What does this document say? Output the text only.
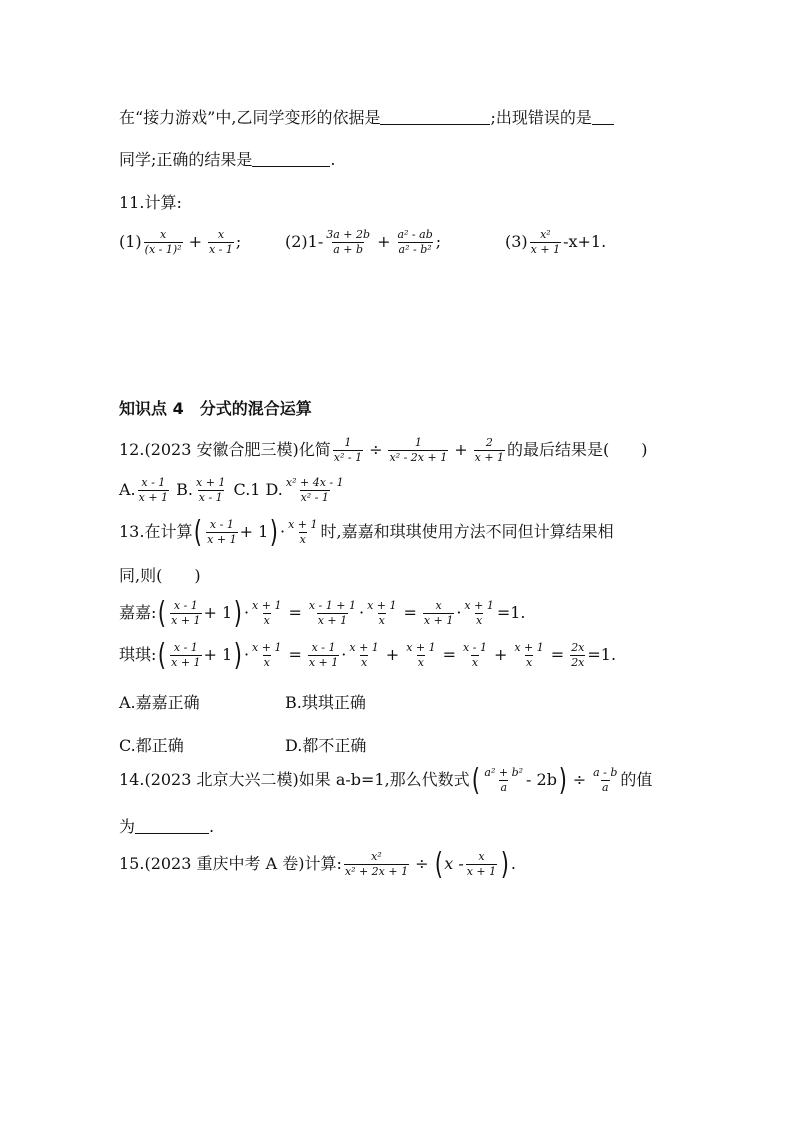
在“接力游戏”中,乙同学变形的依据是	;出现错误的是
同学;正确的结果是	.
11.计算:
$(1) \frac{x}{\text{(x - 1)²}} + \frac{x}{x - 1}$ ;	$(2)1- \frac{3a + 2b}{a + b} + \frac{\text{a² - ab}}{\text{a² - b²}}$ ;	$(3) \frac{\text{x²}}{x + 1} -x+1$.
知识点 4　分式的混合运算
12.(2023 安徽合肥三模)化简 $\frac{1}{\text{x² - 1}} \div \frac{1}{\text{x² - 2x + 1}} + \frac{2}{x + 1}$ 的最后结果是(　　)
A. $\frac{x - 1}{x + 1} B$. $\frac{x + 1}{x - 1} C.1$ D. $\frac{\text{x² + 4x - 1}}{\text{x² - 1}}$
13.在计算( $\frac{x - 1}{x + 1} + 1) \cdot \frac{x + 1}{x}$ 时,嘉嘉和琪琪使用方法不同但计算结果相
同,则(　　)
嘉嘉:( $\frac{x - 1}{x + 1} + 1) \cdot \frac{x + 1}{x} = \frac{x - 1 + 1}{x + 1} \cdot \frac{x + 1}{x} = \frac{x}{x + 1} \cdot \frac{x + 1}{x} =1$.
琪琪:( $\frac{x - 1}{x + 1} + 1) \cdot \frac{x + 1}{x} = \frac{x - 1}{x + 1} \cdot \frac{x + 1}{x} + \frac{x + 1}{x} = \frac{x - 1}{x} + \frac{x + 1}{x} = \frac{2x}{2x} =1$.
A.嘉嘉正确	B.琪琪正确
C.都正确	D.都不正确
14.(2023 北京大兴二模)如果 a-b=1,那么代数式( $\frac{\text{a² + b²}}{a} - 2b) \div \frac{a - b}{a}$ 的值
为	.
15.(2023 重庆中考 A 卷)计算: $\frac{\text{x²}}{\text{x² + 2x + 1}}$ ÷ ( x - $\frac{x}{x + 1}$ ) .
